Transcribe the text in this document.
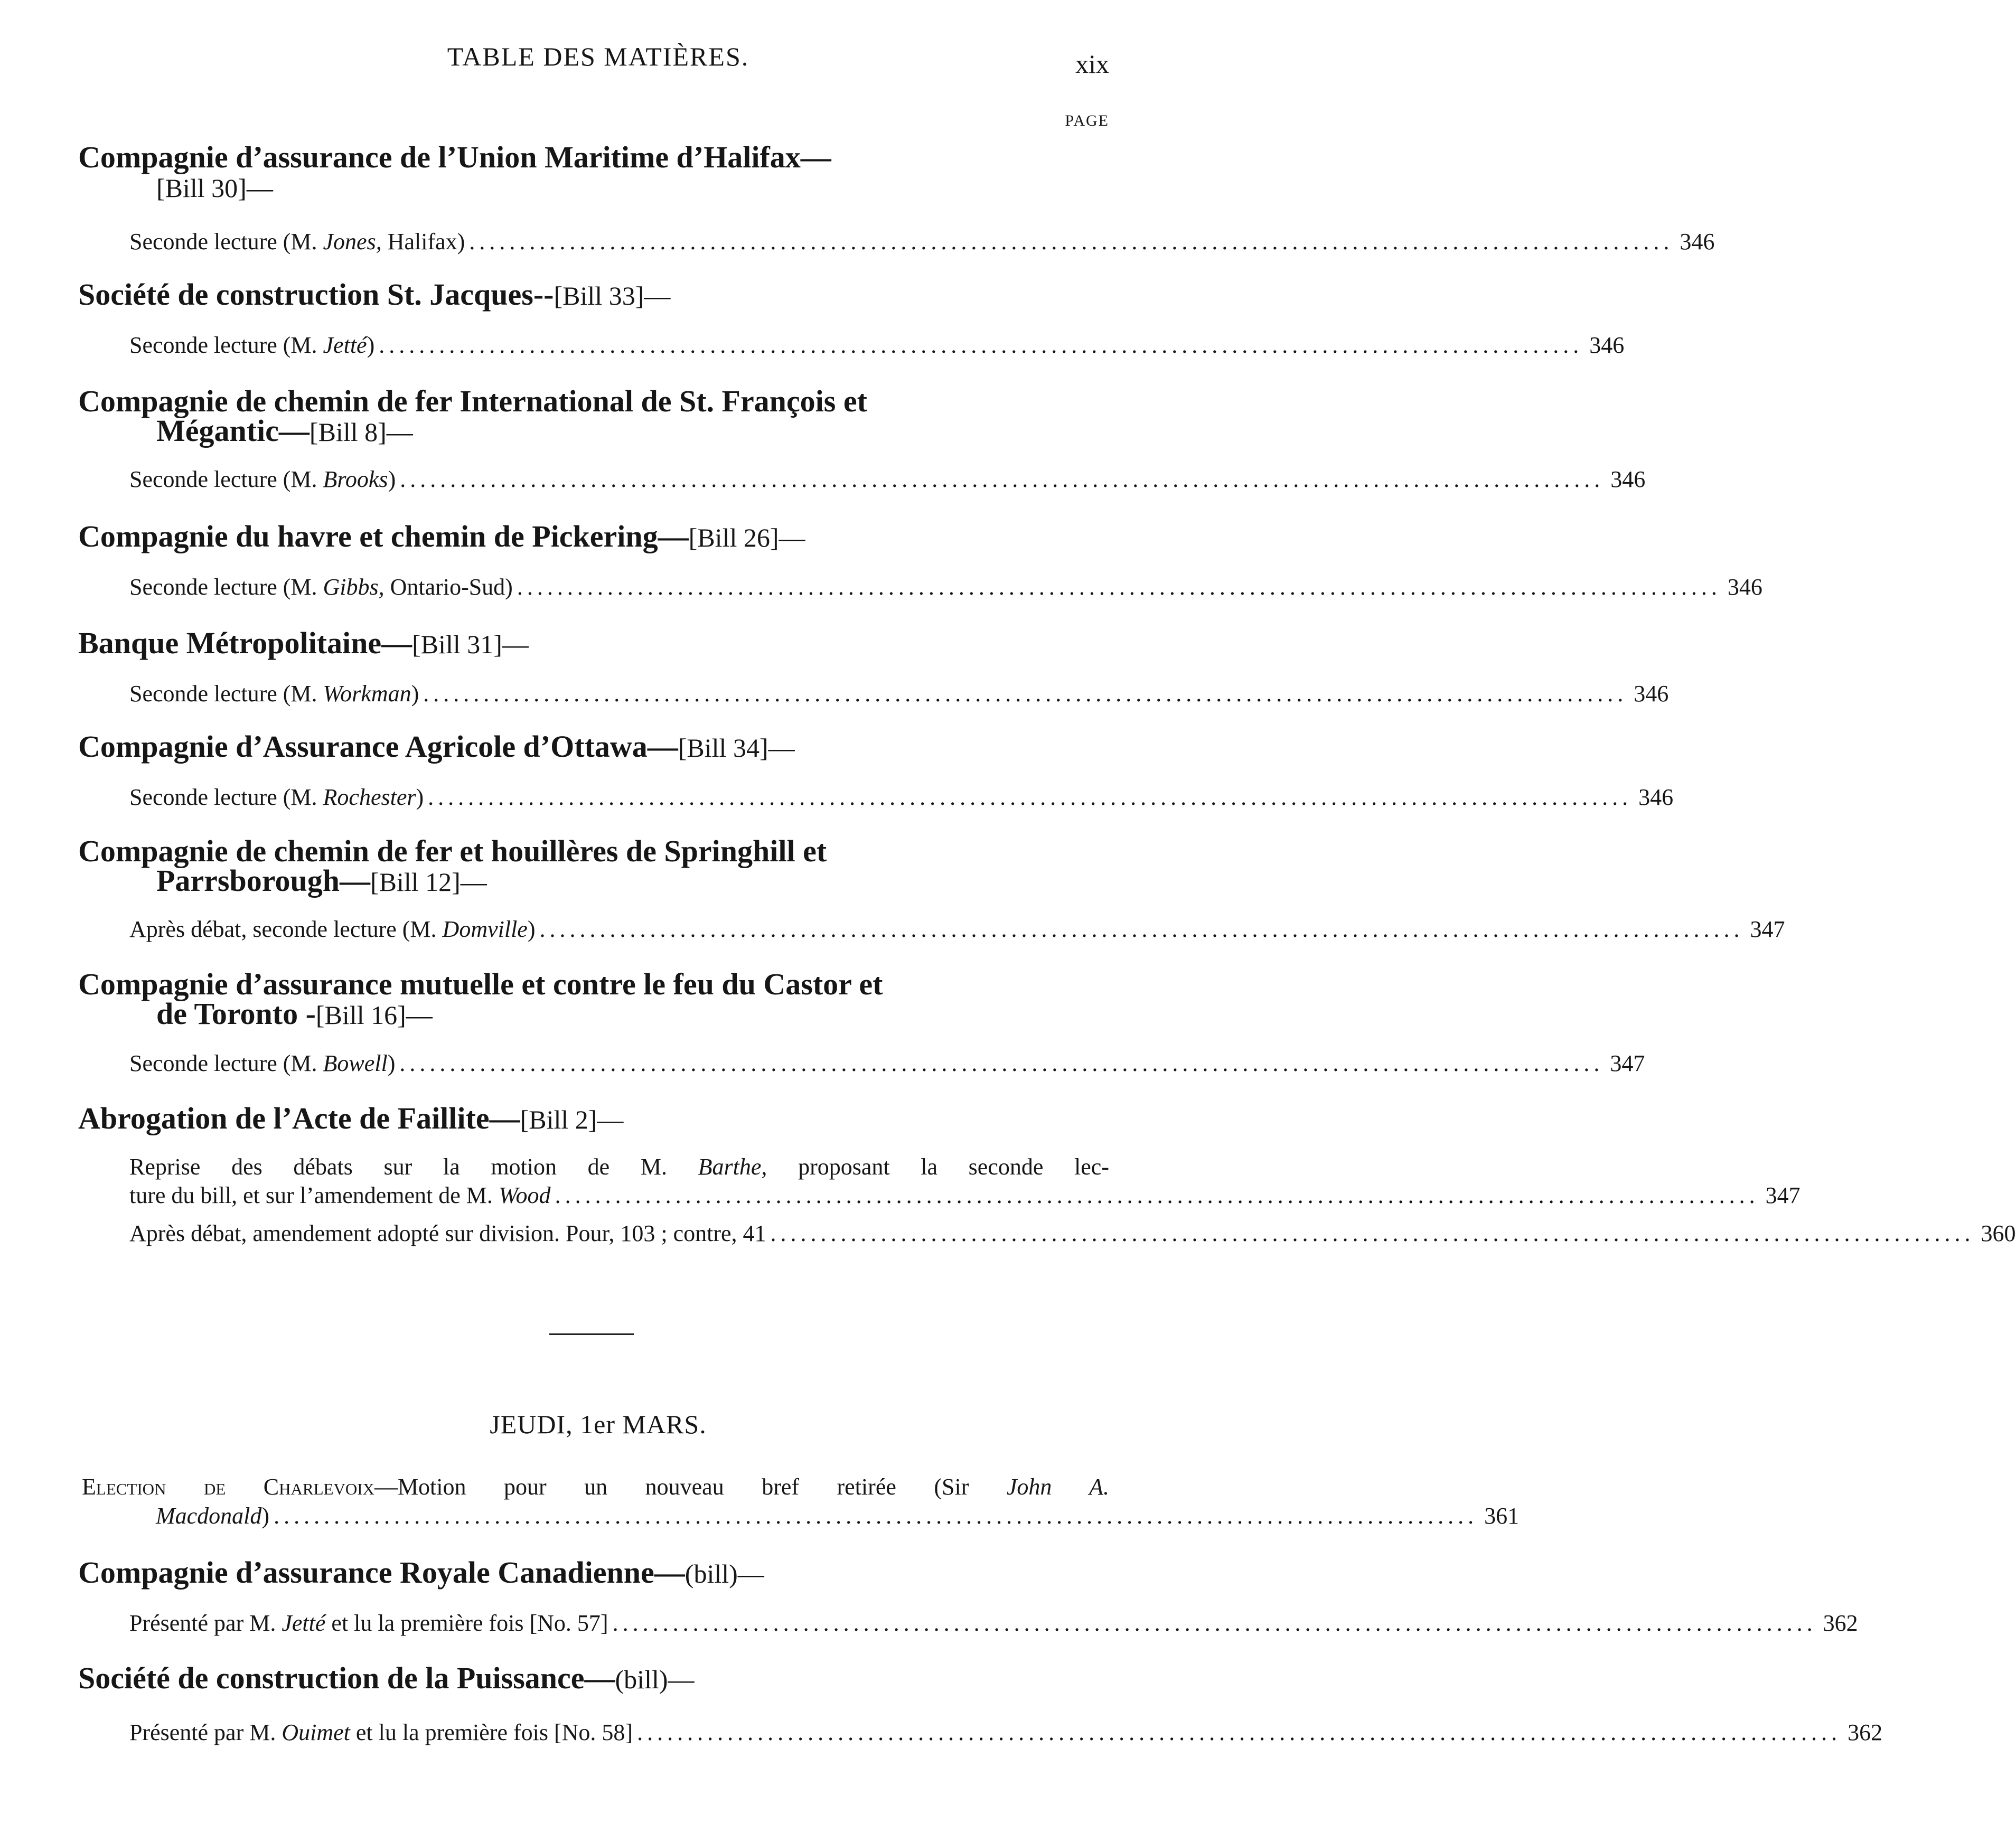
TABLE DES MATIÈRES.	xix
PAGE
Compagnie d’assurance de l’Union Maritime d’Halifax—
[Bill 30]—
Seconde lecture (M. Jones, Halifax) ........................................................................................................................ 346
Société de construction St. Jacques--[Bill 33]—
Seconde lecture (M. Jetté) ........................................................................................................................ 346
Compagnie de chemin de fer International de St. François et
Mégantic—[Bill 8]—
Seconde lecture (M. Brooks) ........................................................................................................................ 346
Compagnie du havre et chemin de Pickering—[Bill 26]—
Seconde lecture (M. Gibbs, Ontario-Sud) ........................................................................................................................ 346
Banque Métropolitaine—[Bill 31]—
Seconde lecture (M. Workman) ........................................................................................................................ 346
Compagnie d’Assurance Agricole d’Ottawa—[Bill 34]—
Seconde lecture (M. Rochester) ........................................................................................................................ 346
Compagnie de chemin de fer et houillères de Springhill et
Parrsborough—[Bill 12]—
Après débat, seconde lecture (M. Domville) ........................................................................................................................ 347
Compagnie d’assurance mutuelle et contre le feu du Castor et
de Toronto -[Bill 16]—
Seconde lecture (M. Bowell) ........................................................................................................................ 347
Abrogation de l’Acte de Faillite—[Bill 2]—
Reprise des débats sur la motion de M. Barthe, proposant la seconde lec-
ture du bill, et sur l’amendement de M. Wood ........................................................................................................................ 347
Après débat, amendement adopté sur division. Pour, 103 ; contre, 41 ........................................................................................................................ 360
JEUDI, 1er MARS.
Election de Charlevoix—Motion pour un nouveau bref retirée (Sir John A.
Macdonald) ........................................................................................................................ 361
Compagnie d’assurance Royale Canadienne—(bill)—
Présenté par M. Jetté et lu la première fois [No. 57] ........................................................................................................................ 362
Société de construction de la Puissance—(bill)—
Présenté par M. Ouimet et lu la première fois [No. 58] ........................................................................................................................ 362
